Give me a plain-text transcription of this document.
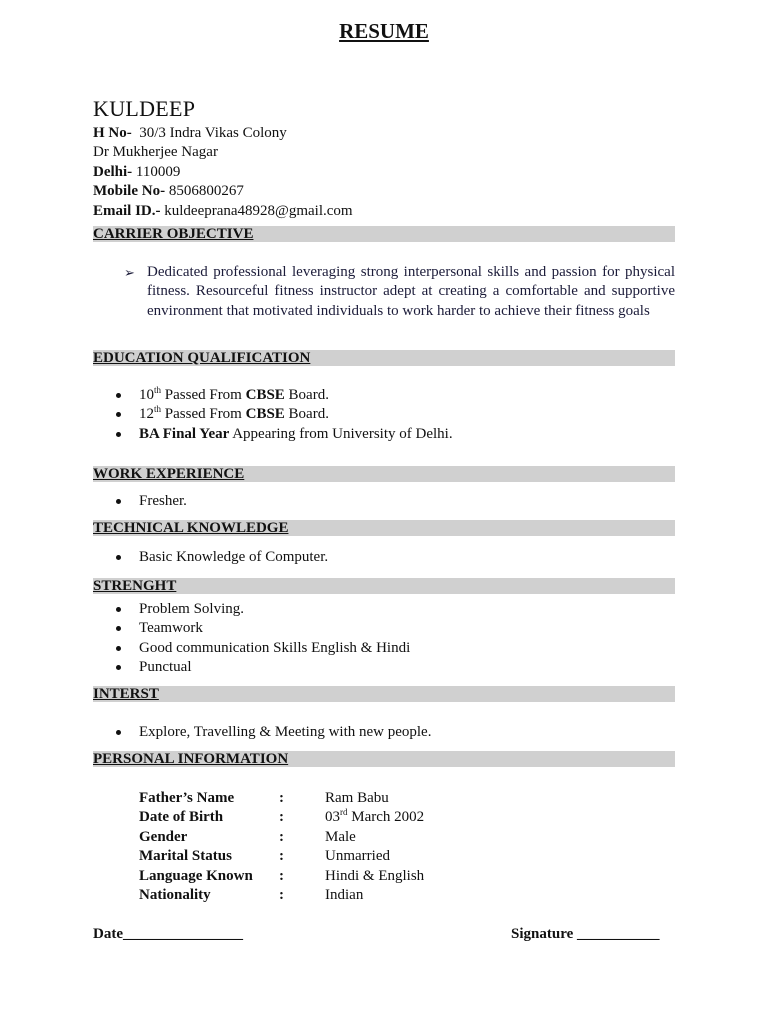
RESUME
KULDEEP
H No- 30/3 Indra Vikas Colony
Dr Mukherjee Nagar
Delhi- 110009
Mobile No- 8506800267
Email ID.- kuldeeprana48928@gmail.com
CARRIER OBJECTIVE
➢ Dedicated professional leveraging strong interpersonal skills and passion for physical fitness. Resourceful fitness instructor adept at creating a comfortable and supportive environment that motivated individuals to work harder to achieve their fitness goals
EDUCATION QUALIFICATION
10th Passed From CBSE Board.
12th Passed From CBSE Board.
BA Final Year Appearing from University of Delhi.
WORK EXPERIENCE
Fresher.
TECHNICAL KNOWLEDGE
Basic Knowledge of Computer.
STRENGHT
Problem Solving.
Teamwork
Good communication Skills English & Hindi
Punctual
INTERST
Explore, Travelling & Meeting with new people.
PERSONAL INFORMATION
Father’s Name	:	Ram Babu
Date of Birth	:	03rd March 2002
Gender	:	Male
Marital Status	:	Unmarried
Language Known :	Hindi & English
Nationality	:	Indian
Date________________	Signature ___________
